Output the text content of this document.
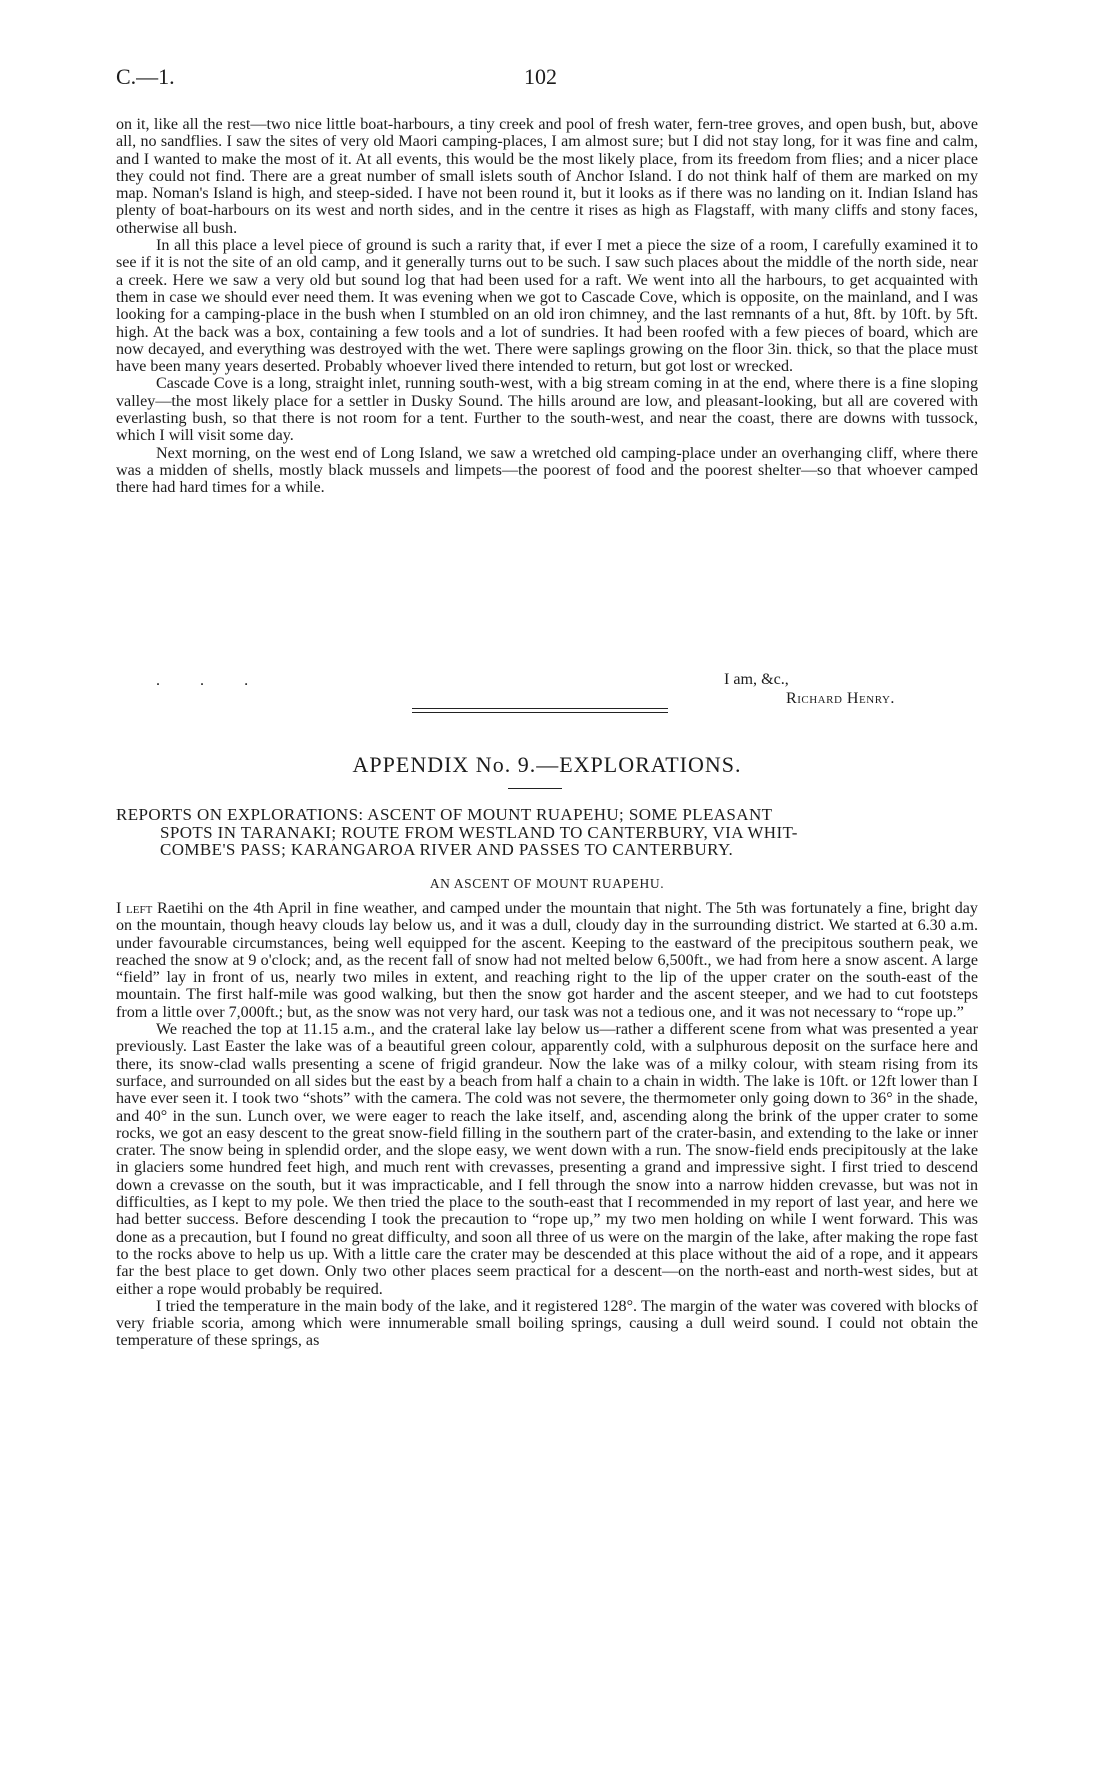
C.—1.	102

on it, like all the rest—two nice little boat-harbours, a tiny creek and pool of fresh water, fern-tree groves, and open bush, but, above all, no sandflies. I saw the sites of very old Maori camping-places, I am almost sure; but I did not stay long, for it was fine and calm, and I wanted to make the most of it. At all events, this would be the most likely place, from its freedom from flies; and a nicer place they could not find. There are a great number of small islets south of Anchor Island. I do not think half of them are marked on my map. Noman's Island is high, and steep-sided. I have not been round it, but it looks as if there was no landing on it. Indian Island has plenty of boat-harbours on its west and north sides, and in the centre it rises as high as Flagstaff, with many cliffs and stony faces, otherwise all bush.

In all this place a level piece of ground is such a rarity that, if ever I met a piece the size of a room, I carefully examined it to see if it is not the site of an old camp, and it generally turns out to be such. I saw such places about the middle of the north side, near a creek. Here we saw a very old but sound log that had been used for a raft. We went into all the harbours, to get acquainted with them in case we should ever need them. It was evening when we got to Cascade Cove, which is opposite, on the mainland, and I was looking for a camping-place in the bush when I stumbled on an old iron chimney, and the last remnants of a hut, 8ft. by 10ft. by 5ft. high. At the back was a box, containing a few tools and a lot of sundries. It had been roofed with a few pieces of board, which are now decayed, and everything was destroyed with the wet. There were saplings growing on the floor 3in. thick, so that the place must have been many years deserted. Probably whoever lived there intended to return, but got lost or wrecked.

Cascade Cove is a long, straight inlet, running south-west, with a big stream coming in at the end, where there is a fine sloping valley—the most likely place for a settler in Dusky Sound. The hills around are low, and pleasant-looking, but all are covered with everlasting bush, so that there is not room for a tent. Further to the south-west, and near the coast, there are downs with tussock, which I will visit some day.

Next morning, on the west end of Long Island, we saw a wretched old camping-place under an overhanging cliff, where there was a midden of shells, mostly black mussels and limpets—the poorest of food and the poorest shelter—so that whoever camped there had hard times for a while.

. . .	I am, &c.,
Richard Henry.
APPENDIX No. 9.—EXPLORATIONS.
REPORTS ON EXPLORATIONS: ASCENT OF MOUNT RUAPEHU; SOME PLEASANT
SPOTS IN TARANAKI; ROUTE FROM WESTLAND TO CANTERBURY, VIA WHIT-
COMBE'S PASS; KARANGAROA RIVER AND PASSES TO CANTERBURY.
AN ASCENT OF MOUNT RUAPEHU.

I left Raetihi on the 4th April in fine weather, and camped under the mountain that night. The 5th was fortunately a fine, bright day on the mountain, though heavy clouds lay below us, and it was a dull, cloudy day in the surrounding district. We started at 6.30 a.m. under favourable circumstances, being well equipped for the ascent. Keeping to the eastward of the precipitous southern peak, we reached the snow at 9 o'clock; and, as the recent fall of snow had not melted below 6,500ft., we had from here a snow ascent. A large “field” lay in front of us, nearly two miles in extent, and reaching right to the lip of the upper crater on the south-east of the mountain. The first half-mile was good walking, but then the snow got harder and the ascent steeper, and we had to cut footsteps from a little over 7,000ft.; but, as the snow was not very hard, our task was not a tedious one, and it was not necessary to “rope up.”

We reached the top at 11.15 a.m., and the crateral lake lay below us—rather a different scene from what was presented a year previously. Last Easter the lake was of a beautiful green colour, apparently cold, with a sulphurous deposit on the surface here and there, its snow-clad walls presenting a scene of frigid grandeur. Now the lake was of a milky colour, with steam rising from its surface, and surrounded on all sides but the east by a beach from half a chain to a chain in width. The lake is 10ft. or 12ft lower than I have ever seen it. I took two “shots” with the camera. The cold was not severe, the thermometer only going down to 36° in the shade, and 40° in the sun. Lunch over, we were eager to reach the lake itself, and, ascending along the brink of the upper crater to some rocks, we got an easy descent to the great snow-field filling in the southern part of the crater-basin, and extending to the lake or inner crater. The snow being in splendid order, and the slope easy, we went down with a run. The snow-field ends precipitously at the lake in glaciers some hundred feet high, and much rent with crevasses, presenting a grand and impressive sight. I first tried to descend down a crevasse on the south, but it was impracticable, and I fell through the snow into a narrow hidden crevasse, but was not in difficulties, as I kept to my pole. We then tried the place to the south-east that I recommended in my report of last year, and here we had better success. Before descending I took the precaution to “rope up,” my two men holding on while I went forward. This was done as a precaution, but I found no great difficulty, and soon all three of us were on the margin of the lake, after making the rope fast to the rocks above to help us up. With a little care the crater may be descended at this place without the aid of a rope, and it appears far the best place to get down. Only two other places seem practical for a descent—on the north-east and north-west sides, but at either a rope would probably be required.

I tried the temperature in the main body of the lake, and it registered 128°. The margin of the water was covered with blocks of very friable scoria, among which were innumerable small boiling springs, causing a dull weird sound. I could not obtain the temperature of these springs, as
